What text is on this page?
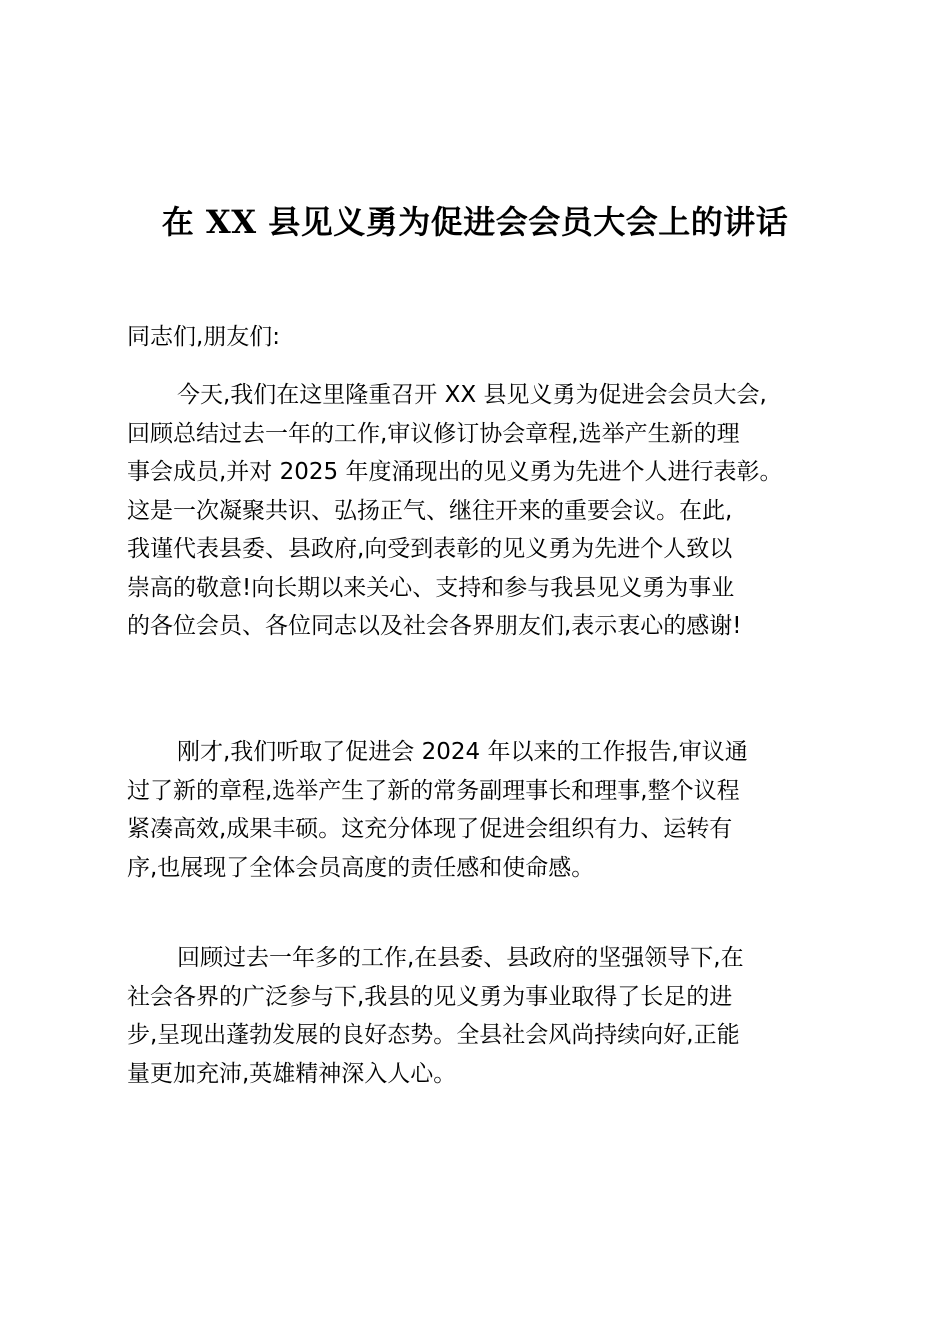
在 XX 县见义勇为促进会会员大会上的讲话
同志们,朋友们:
今天,我们在这里隆重召开 XX 县见义勇为促进会会员大会,
回顾总结过去一年的工作,审议修订协会章程,选举产生新的理
事会成员,并对 2025 年度涌现出的见义勇为先进个人进行表彰。
这是一次凝聚共识、弘扬正气、继往开来的重要会议。在此,
我谨代表县委、县政府,向受到表彰的见义勇为先进个人致以
崇高的敬意!向长期以来关心、支持和参与我县见义勇为事业
的各位会员、各位同志以及社会各界朋友们,表示衷心的感谢!
刚才,我们听取了促进会 2024 年以来的工作报告,审议通
过了新的章程,选举产生了新的常务副理事长和理事,整个议程
紧凑高效,成果丰硕。这充分体现了促进会组织有力、运转有
序,也展现了全体会员高度的责任感和使命感。
回顾过去一年多的工作,在县委、县政府的坚强领导下,在
社会各界的广泛参与下,我县的见义勇为事业取得了长足的进
步,呈现出蓬勃发展的良好态势。全县社会风尚持续向好,正能
量更加充沛,英雄精神深入人心。
